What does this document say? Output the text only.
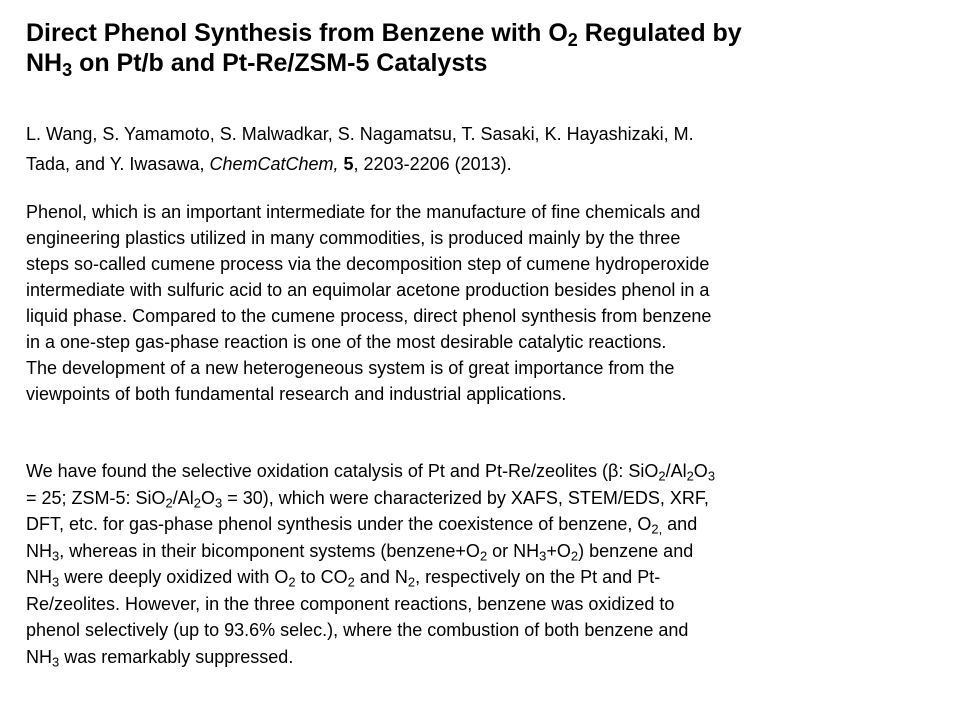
Direct Phenol Synthesis from Benzene with $O_2$ Regulated by
$NH_3$ on Pt/b and Pt-Re/ZSM-5 Catalysts

L. Wang, S. Yamamoto, S. Malwadkar, S. Nagamatsu, T. Sasaki, K. Hayashizaki, M.
Tada, and Y. Iwasawa, ChemCatChem, 5, 2203-2206 (2013).

Phenol, which is an important intermediate for the manufacture of fine chemicals and
engineering plastics utilized in many commodities, is produced mainly by the three
steps so-called cumene process via the decomposition step of cumene hydroperoxide
intermediate with sulfuric acid to an equimolar acetone production besides phenol in a
liquid phase. Compared to the cumene process, direct phenol synthesis from benzene
in a one-step gas-phase reaction is one of the most desirable catalytic reactions.
The development of a new heterogeneous system is of great importance from the
viewpoints of both fundamental research and industrial applications.

We have found the selective oxidation catalysis of Pt and Pt-Re/zeolites (β: $SiO_2/Al_2O_3$
= 25; ZSM-5: $SiO_2/Al_2O_3 = 30$), which were characterized by XAFS, STEM/EDS, XRF,
DFT, etc. for gas-phase phenol synthesis under the coexistence of benzene, $O_{2,}$ and
$NH_3$, whereas in their bicomponent systems ($benzene+O_2$ or $NH_3+O_2$) benzene and
$NH_3$ were deeply oxidized with $O_2$ to $CO_2$ and $N_2$, respectively on the Pt and Pt-
Re/zeolites. However, in the three component reactions, benzene was oxidized to
phenol selectively (up to 93.6% selec.), where the combustion of both benzene and
$NH_3$ was remarkably suppressed.
